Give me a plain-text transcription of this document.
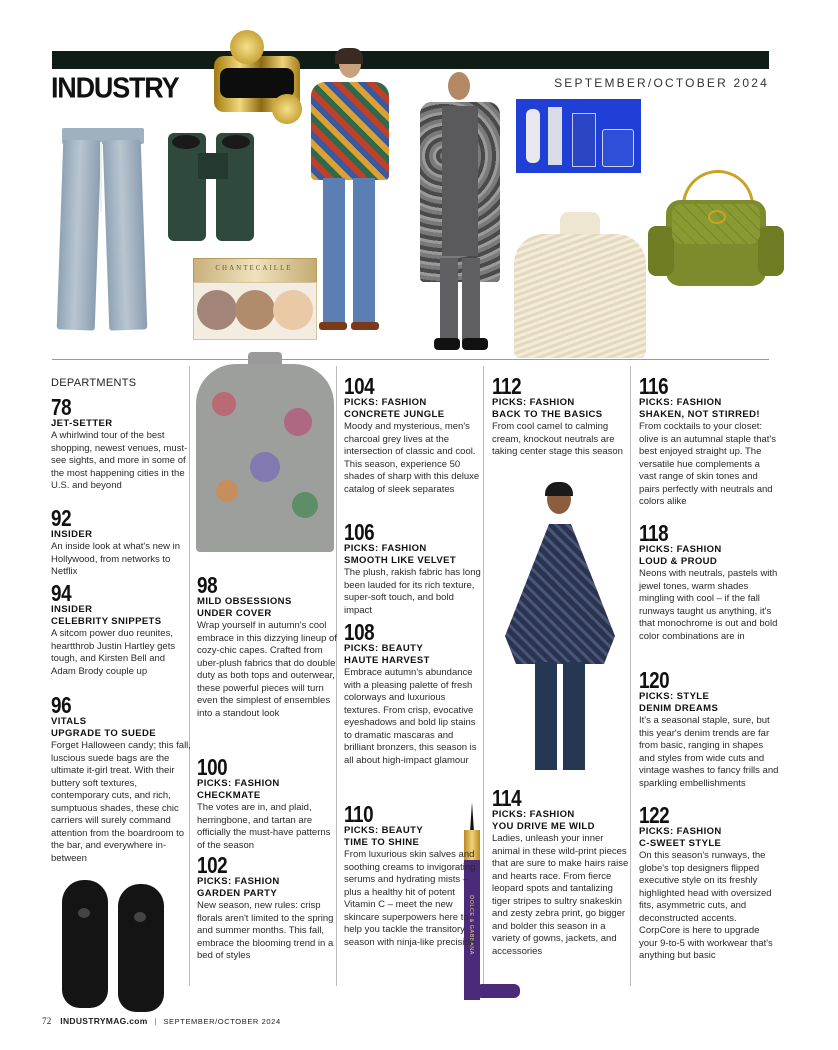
INDUSTRY	SEPTEMBER/OCTOBER 2024
CHANTECAILLE
DOLCE & GABBANA
DEPARTMENTS
78
JET-SETTER
A whirlwind tour of the best shopping, newest venues, must-see sights, and more in some of the most happening cities in the U.S. and beyond
92
INSIDER
An inside look at what's new in Hollywood, from networks to Netflix
94
INSIDER
CELEBRITY SNIPPETS
A sitcom power duo reunites, heartthrob Justin Hartley gets tough, and Kirsten Bell and Adam Brody couple up
96
VITALS
UPGRADE TO SUEDE
Forget Halloween candy; this fall, luscious suede bags are the ultimate it-girl treat. With their buttery soft textures, contemporary cuts, and rich, sumptuous shades, these chic carriers will surely command attention from the boardroom to the bar, and everywhere in-between
98
MILD OBSESSIONS
UNDER COVER
Wrap yourself in autumn's cool embrace in this dizzying lineup of cozy-chic capes. Crafted from uber-plush fabrics that do double duty as both tops and outerwear, these powerful pieces will turn even the simplest of ensembles into a standout look
100
PICKS: FASHION
CHECKMATE
The votes are in, and plaid, herringbone, and tartan are officially the must-have patterns of the season
102
PICKS: FASHION
GARDEN PARTY
New season, new rules: crisp florals aren't limited to the spring and summer months. This fall, embrace the blooming trend in a bed of styles
104
PICKS: FASHION
CONCRETE JUNGLE
Moody and mysterious, men's charcoal grey lives at the intersection of classic and cool. This season, experience 50 shades of sharp with this deluxe catalog of sleek separates
106
PICKS: FASHION
SMOOTH LIKE VELVET
The plush, rakish fabric has long been lauded for its rich texture, super-soft touch, and bold impact
108
PICKS: BEAUTY
HAUTE HARVEST
Embrace autumn's abundance with a pleasing palette of fresh colorways and luxurious textures. From crisp, evocative eyeshadows and bold lip stains to dramatic mascaras and brilliant bronzers, this season is all about high-impact glamour
110
PICKS: BEAUTY
TIME TO SHINE
From luxurious skin salves and soothing creams to invigorating serums and hydrating mists – plus a healthy hit of potent Vitamin C – meet the new skincare superpowers here to help you tackle the transitory season with ninja-like precision
112
PICKS: FASHION
BACK TO THE BASICS
From cool camel to calming cream, knockout neutrals are taking center stage this season
114
PICKS: FASHION
YOU DRIVE ME WILD
Ladies, unleash your inner animal in these wild-print pieces that are sure to make hairs raise and hearts race. From fierce leopard spots and tantalizing tiger stripes to sultry snakeskin and zesty zebra print, go bigger and bolder this season in a variety of gowns, jackets, and accessories
116
PICKS: FASHION
SHAKEN, NOT STIRRED!
From cocktails to your closet: olive is an autumnal staple that's best enjoyed straight up. The versatile hue complements a vast range of skin tones and pairs perfectly with neutrals and colors alike
118
PICKS: FASHION
LOUD & PROUD
Neons with neutrals, pastels with jewel tones, warm shades mingling with cool – if the fall runways taught us anything, it's that monochrome is out and bold color combinations are in
120
PICKS: STYLE
DENIM DREAMS
It's a seasonal staple, sure, but this year's denim trends are far from basic, ranging in shapes and styles from wide cuts and vintage washes to fancy frills and sparkling embellishments
122
PICKS: FASHION
C-SWEET STYLE
On this season's runways, the globe's top designers flipped executive style on its freshly highlighted head with oversized fits, asymmetric cuts, and deconstructed accents. CorpCore is here to upgrade your 9-to-5 with workwear that's anything but basic
72 INDUSTRYMAG.com | SEPTEMBER/OCTOBER 2024
